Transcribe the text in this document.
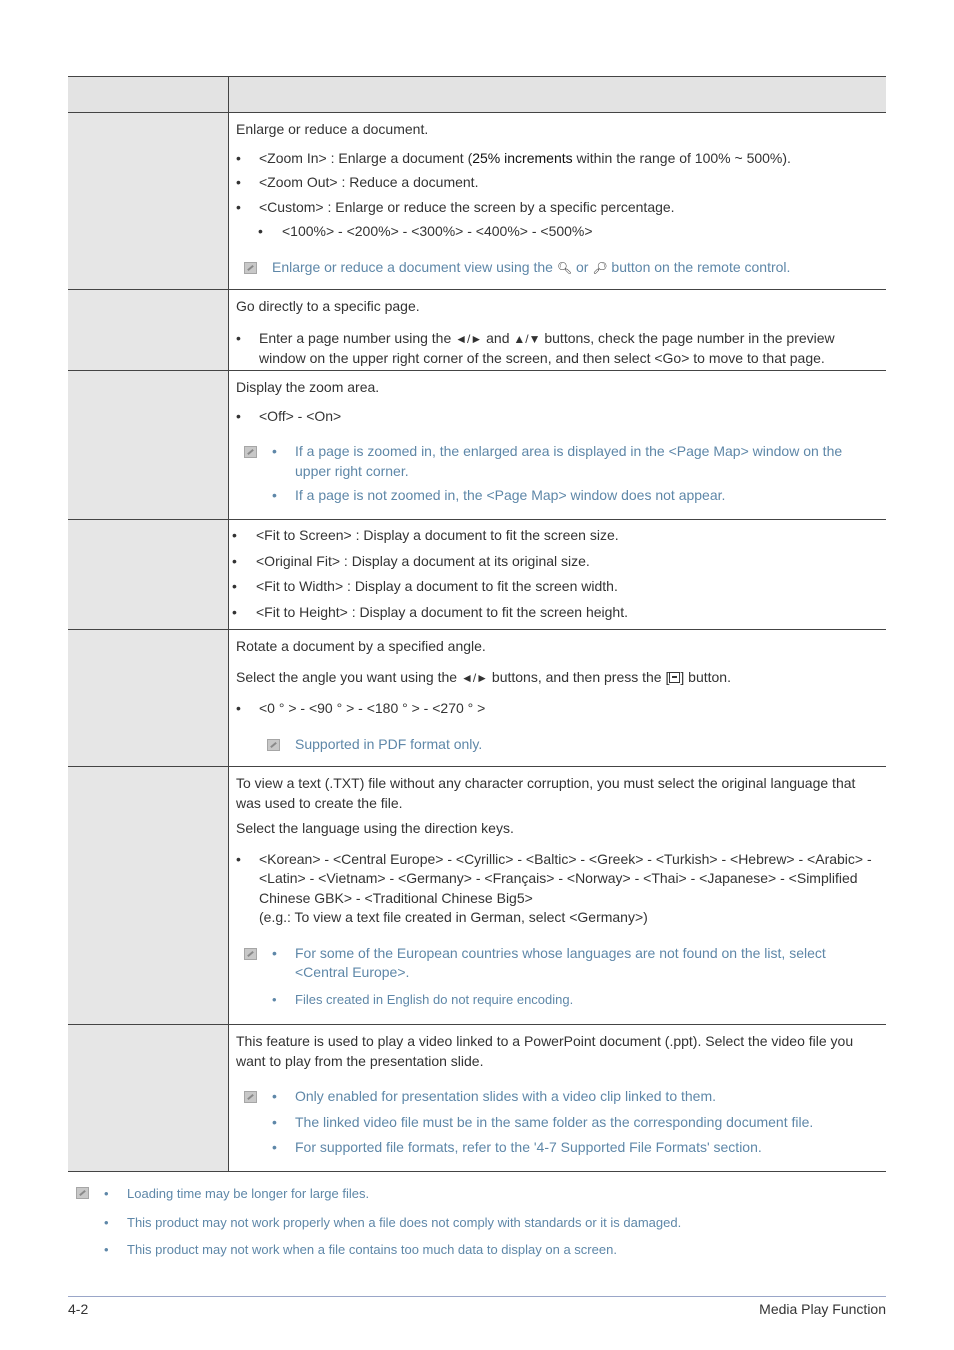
Enlarge or reduce a document.

• <Zoom In> : Enlarge a document (25% increments within the range of 100% ~ 500%).

• <Zoom Out> : Reduce a document.

• <Custom> : Enlarge or reduce the screen by a specific percentage.

• <100%> - <200%> - <300%> - <400%> - <500%>

Enlarge or reduce a document view using the 🔍︎ or 🔎︎ button on the remote control.

Go directly to a specific page.

• Enter a page number using the ◄/► and ▲/▼ buttons, check the page number in the preview window on the upper right corner of the screen, and then select <Go> to move to that page.

Display the zoom area.

• <Off> - <On>

• If a page is zoomed in, the enlarged area is displayed in the <Page Map> window on the upper right corner.

• If a page is not zoomed in, the <Page Map> window does not appear.

• <Fit to Screen> : Display a document to fit the screen size.

• <Original Fit> : Display a document at its original size.

• <Fit to Width> : Display a document to fit the screen width.

• <Fit to Height> : Display a document to fit the screen height.

Rotate a document by a specified angle.

Select the angle you want using the ◄/► buttons, and then press the [ ] button.

• <0 ° > - <90 ° > - <180 ° > - <270 ° >

Supported in PDF format only.

To view a text (.TXT) file without any character corruption, you must select the original language that was used to create the file.

Select the language using the direction keys.

• <Korean> - <Central Europe> - <Cyrillic> - <Baltic> - <Greek> - <Turkish> - <Hebrew> - <Arabic> - <Latin> - <Vietnam> - <Germany> - <Français> - <Norway> - <Thai> - <Japanese> - <Simplified Chinese GBK> - <Traditional Chinese Big5>
(e.g.: To view a text file created in German, select <Germany>)

• For some of the European countries whose languages are not found on the list, select <Central Europe>.

• Files created in English do not require encoding.

This feature is used to play a video linked to a PowerPoint document (.ppt). Select the video file you want to play from the presentation slide.

• Only enabled for presentation slides with a video clip linked to them.

• The linked video file must be in the same folder as the corresponding document file.

• For supported file formats, refer to the '4-7 Supported File Formats' section.

• Loading time may be longer for large files.

• This product may not work properly when a file does not comply with standards or it is damaged.

• This product may not work when a file contains too much data to display on a screen.

4-2	Media Play Function
